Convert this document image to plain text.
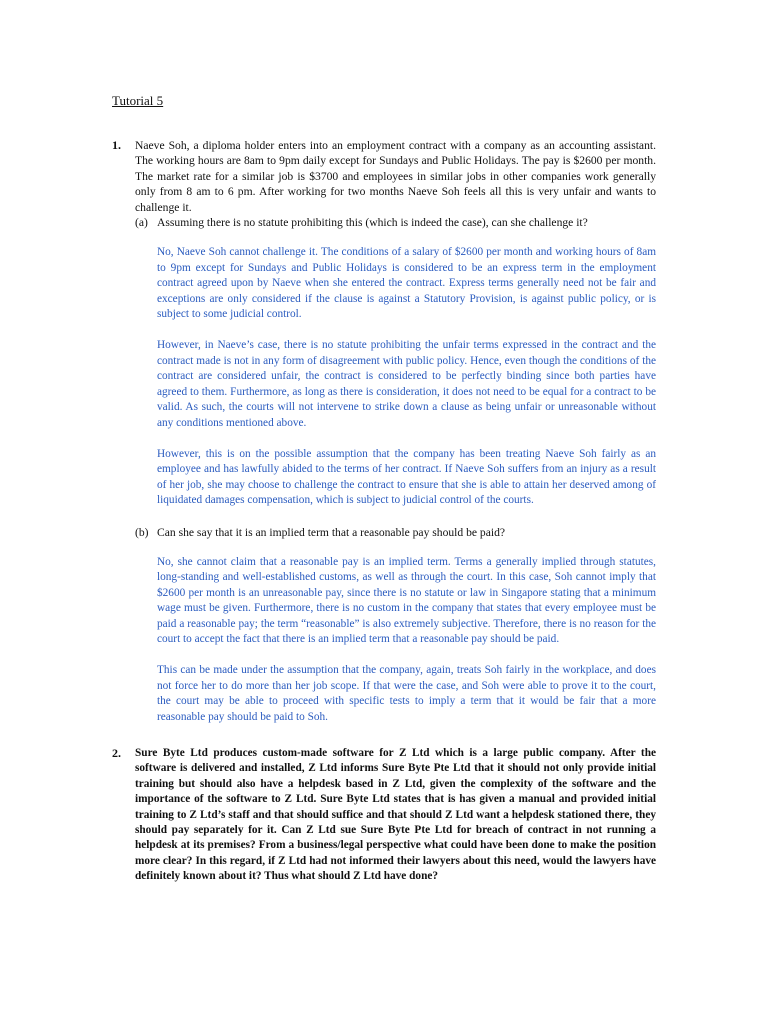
Tutorial 5
1. Naeve Soh, a diploma holder enters into an employment contract with a company as an accounting assistant. The working hours are 8am to 9pm daily except for Sundays and Public Holidays. The pay is $2600 per month. The market rate for a similar job is $3700 and employees in similar jobs in other companies work generally only from 8 am to 6 pm. After working for two months Naeve Soh feels all this is very unfair and wants to challenge it.
(a) Assuming there is no statute prohibiting this (which is indeed the case), can she challenge it?
No, Naeve Soh cannot challenge it. The conditions of a salary of $2600 per month and working hours of 8am to 9pm except for Sundays and Public Holidays is considered to be an express term in the employment contract agreed upon by Naeve when she entered the contract. Express terms generally need not be fair and exceptions are only considered if the clause is against a Statutory Provision, is against public policy, or is subject to some judicial control.
However, in Naeve’s case, there is no statute prohibiting the unfair terms expressed in the contract and the contract made is not in any form of disagreement with public policy. Hence, even though the conditions of the contract are considered unfair, the contract is considered to be perfectly binding since both parties have agreed to them. Furthermore, as long as there is consideration, it does not need to be equal for a contract to be valid. As such, the courts will not intervene to strike down a clause as being unfair or unreasonable without any conditions mentioned above.
However, this is on the possible assumption that the company has been treating Naeve Soh fairly as an employee and has lawfully abided to the terms of her contract. If Naeve Soh suffers from an injury as a result of her job, she may choose to challenge the contract to ensure that she is able to attain her deserved among of liquidated damages compensation, which is subject to judicial control of the courts.
(b) Can she say that it is an implied term that a reasonable pay should be paid?
No, she cannot claim that a reasonable pay is an implied term. Terms a generally implied through statutes, long-standing and well-established customs, as well as through the court. In this case, Soh cannot imply that $2600 per month is an unreasonable pay, since there is no statute or law in Singapore stating that a minimum wage must be given. Furthermore, there is no custom in the company that states that every employee must be paid a reasonable pay; the term “reasonable” is also extremely subjective. Therefore, there is no reason for the court to accept the fact that there is an implied term that a reasonable pay should be paid.
This can be made under the assumption that the company, again, treats Soh fairly in the workplace, and does not force her to do more than her job scope. If that were the case, and Soh were able to prove it to the court, the court may be able to proceed with specific tests to imply a term that it would be fair that a more reasonable pay should be paid to Soh.
2. Sure Byte Ltd produces custom-made software for Z Ltd which is a large public company. After the software is delivered and installed, Z Ltd informs Sure Byte Pte Ltd that it should not only provide initial training but should also have a helpdesk based in Z Ltd, given the complexity of the software and the importance of the software to Z Ltd. Sure Byte Ltd states that is has given a manual and provided initial training to Z Ltd’s staff and that should suffice and that should Z Ltd want a helpdesk stationed there, they should pay separately for it. Can Z Ltd sue Sure Byte Pte Ltd for breach of contract in not running a helpdesk at its premises? From a business/legal perspective what could have been done to make the position more clear? In this regard, if Z Ltd had not informed their lawyers about this need, would the lawyers have definitely known about it? Thus what should Z Ltd have done?
